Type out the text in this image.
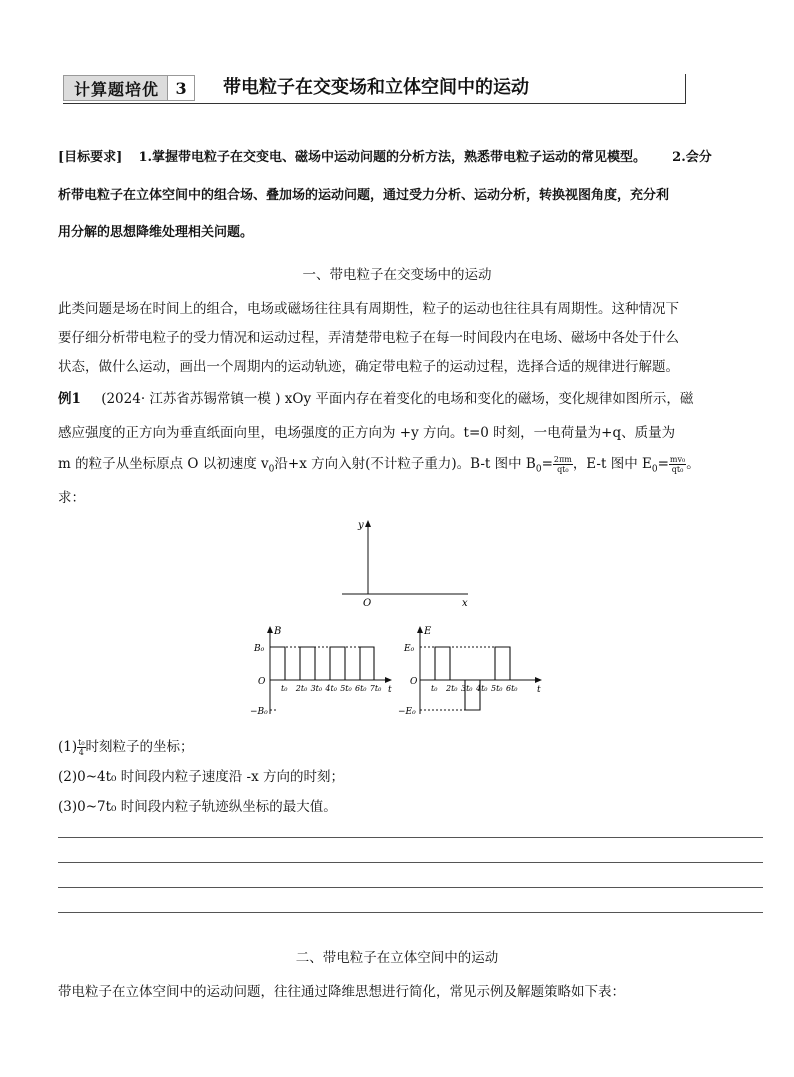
计算题培优	3	带电粒子在交变场和立体空间中的运动
[目标要求] 1.掌握带电粒子在交变电、磁场中运动问题的分析方法，熟悉带电粒子运动的常见模型。 2.会分
析带电粒子在立体空间中的组合场、叠加场的运动问题，通过受力分析、运动分析，转换视图角度，充分利
用分解的思想降维处理相关问题。
一、带电粒子在交变场中的运动
此类问题是场在时间上的组合，电场或磁场往往具有周期性，粒子的运动也往往具有周期性。这种情况下
要仔细分析带电粒子的受力情况和运动过程，弄清楚带电粒子在每一时间段内在电场、磁场中各处于什么
状态，做什么运动，画出一个周期内的运动轨迹，确定带电粒子的运动过程，选择合适的规律进行解题。
例1 (2024· 江苏省苏锡常镇一模 ) xOy 平面内存在着变化的电场和变化的磁场，变化规律如图所示，磁
感应强度的正方向为垂直纸面向里，电场强度的正方向为 +y 方向。t=0 时刻，一电荷量为+q、质量为
m 的粒子从坐标原点 O 以初速度 $v_0$沿+x 方向入射(不计粒子重力)。B-t 图中 $B_0= \frac{2\pi m}{\text{qt₀}}$ ，E-t 图中 $E_0= \frac{\text{mv₀}}{\text{qt₀}}$ 。
求：
y
x
O
B
B₀
O
−B₀
t
t₀ 2t₀ 3t₀ 4t₀ 5t₀ 6t₀ 7t₀
E
E₀
O
−E₀
t
t₀ 2t₀ 3t₀ 4t₀ 5t₀ 6t₀
$(1) \frac{\text{t₀}}{4}$ 时刻粒子的坐标；
(2)0~4t₀ 时间段内粒子速度沿 -x 方向的时刻；
(3)0~7t₀ 时间段内粒子轨迹纵坐标的最大值。
二、带电粒子在立体空间中的运动
带电粒子在立体空间中的运动问题，往往通过降维思想进行简化，常见示例及解题策略如下表：
